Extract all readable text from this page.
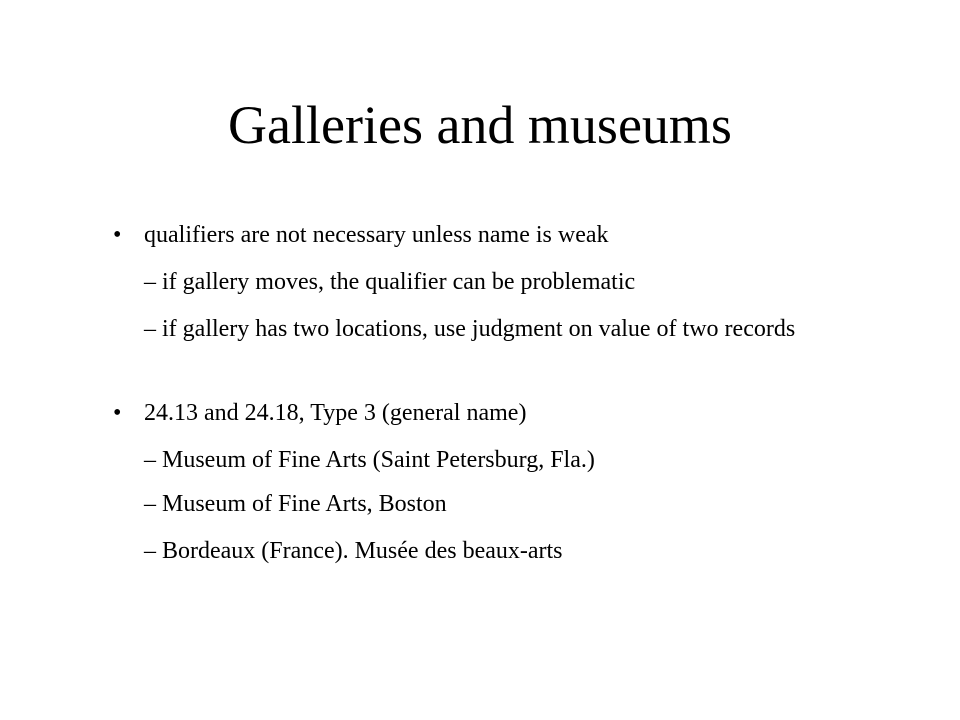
Galleries and museums
• qualifiers are not necessary unless name is weak
– if gallery moves, the qualifier can be problematic
– if gallery has two locations, use judgment on value of two records
• 24.13 and 24.18, Type 3 (general name)
– Museum of Fine Arts (Saint Petersburg, Fla.)
– Museum of Fine Arts, Boston
– Bordeaux (France). Musée des beaux-arts
